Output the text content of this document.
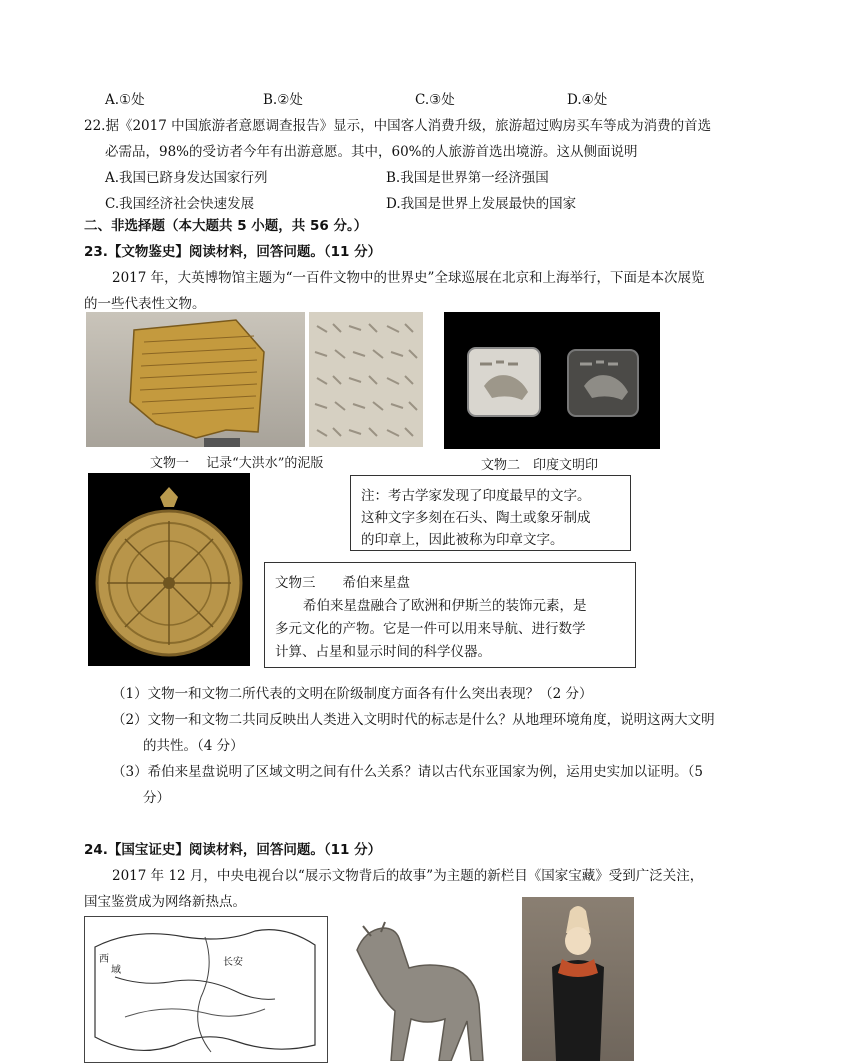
A.①处	B.②处	C.③处	D.④处
22.据《2017 中国旅游者意愿调查报告》显示，中国客人消费升级，旅游超过购房买车等成为消费的首选
必需品，98%的受访者今年有出游意愿。其中，60%的人旅游首选出境游。这从侧面说明
A.我国已跻身发达国家行列	B.我国是世界第一经济强国
C.我国经济社会快速发展	D.我国是世界上发展最快的国家
二、非选择题（本大题共 5 小题，共 56 分。）
23.【文物鉴史】阅读材料，回答问题。（11 分）
2017 年，大英博物馆主题为“一百件文物中的世界史”全球巡展在北京和上海举行，下面是本次展览
的一些代表性文物。
文物一　 记录“大洪水”的泥版	文物二　印度文明印
注：考古学家发现了印度最早的文字。
这种文字多刻在石头、陶土或象牙制成
的印章上，因此被称为印章文字。
文物三　　希伯来星盘
希伯来星盘融合了欧洲和伊斯兰的装饰元素，是
多元文化的产物。它是一件可以用来导航、进行数学
计算、占星和显示时间的科学仪器。
（1）文物一和文物二所代表的文明在阶级制度方面各有什么突出表现？（2 分）
（2）文物一和文物二共同反映出人类进入文明时代的标志是什么？从地理环境角度，说明这两大文明
的共性。（4 分）
（3）希伯来星盘说明了区域文明之间有什么关系？请以古代东亚国家为例，运用史实加以证明。（5
分）
24.【国宝证史】阅读材料，回答问题。（11 分）
2017 年 12 月，中央电视台以“展示文物背后的故事”为主题的新栏目《国家宝藏》受到广泛关注，
国宝鉴赏成为网络新热点。
西
域
长安
